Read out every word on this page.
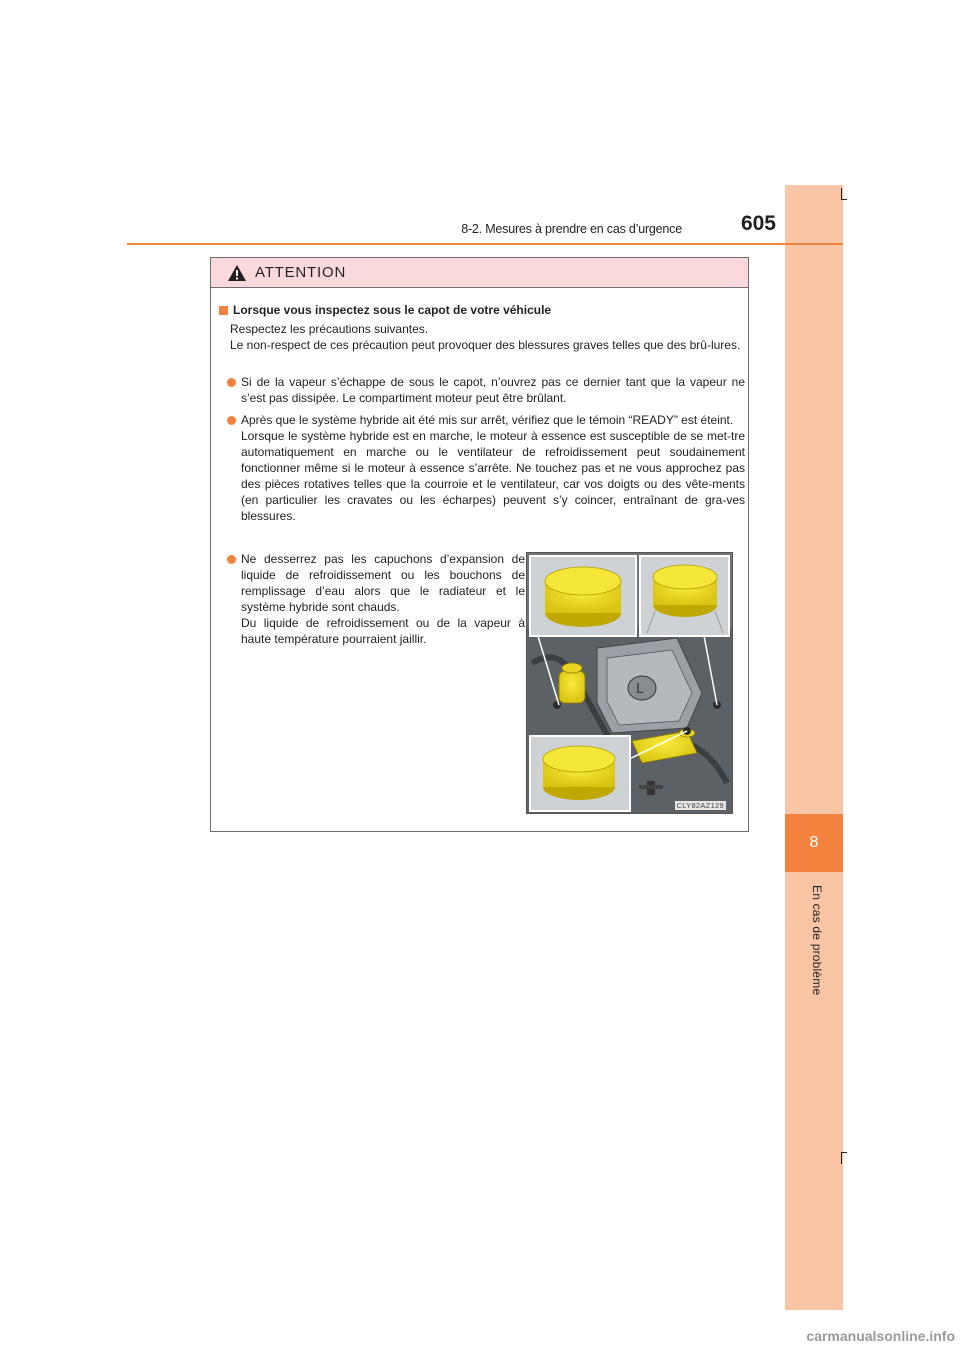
8
En cas de problème
8-2. Mesures à prendre en cas d’urgence	605
ATTENTION
Lorsque vous inspectez sous le capot de votre véhicule

Respectez les précautions suivantes.

Le non-respect de ces précaution peut provoquer des blessures graves telles que des brû-lures.

Si de la vapeur s’échappe de sous le capot, n’ouvrez pas ce dernier tant que la vapeur ne s’est pas dissipée. Le compartiment moteur peut être brûlant.

Après que le système hybride ait été mis sur arrêt, vérifiez que le témoin “READY” est éteint.

Lorsque le système hybride est en marche, le moteur à essence est susceptible de se met-tre automatiquement en marche ou le ventilateur de refroidissement peut soudainement fonctionner même si le moteur à essence s’arrête. Ne touchez pas et ne vous approchez pas des pièces rotatives telles que la courroie et le ventilateur, car vos doigts ou des vête-ments (en particulier les cravates ou les écharpes) peuvent s’y coincer, entraînant de gra-ves blessures.

Ne desserrez pas les capuchons d’expansion de liquide de refroidissement ou les bouchons de remplissage d’eau alors que le radiateur et le système hybride sont chauds.

Du liquide de refroidissement ou de la vapeur à haute température pourraient jaillir.

L
CLY82AZ129
carmanualsonline.info
